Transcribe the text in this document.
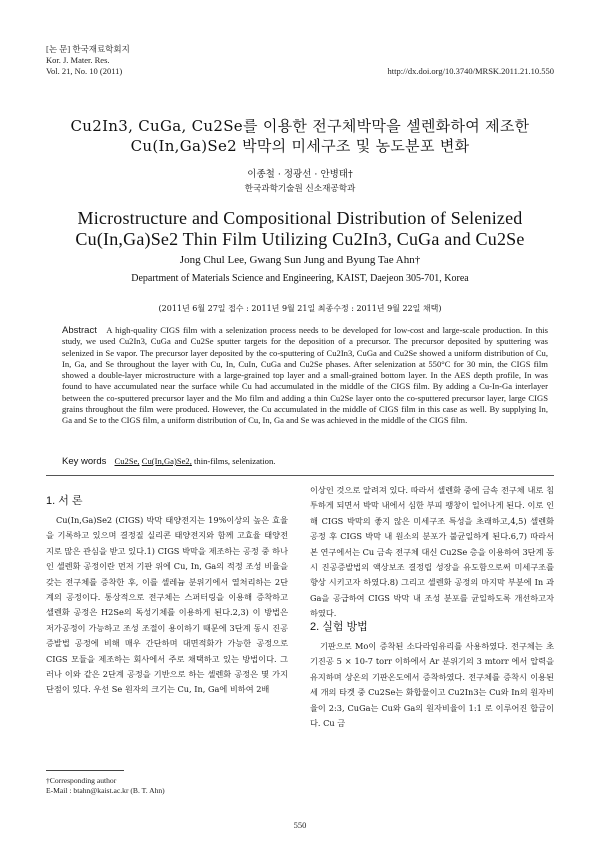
[논 문] 한국재료학회지
Kor. J. Mater. Res.
Vol. 21, No. 10 (2011)	http://dx.doi.org/10.3740/MRSK.2011.21.10.550
Cu2In3, CuGa, Cu2Se를 이용한 전구체박막을 셀렌화하여 제조한
Cu(In,Ga)Se2 박막의 미세구조 및 농도분포 변화
이종철 · 정광선 · 안병태†
한국과학기술원 신소재공학과
Microstructure and Compositional Distribution of Selenized
Cu(In,Ga)Se2 Thin Film Utilizing Cu2In3, CuGa and Cu2Se
Jong Chul Lee, Gwang Sun Jung and Byung Tae Ahn†
Department of Materials Science and Engineering, KAIST, Daejeon 305-701, Korea
(2011년 6월 27일 접수 : 2011년 9월 21일 최종수정 : 2011년 9월 22일 채택)
Abstract A high-quality CIGS film with a selenization process needs to be developed for low-cost and large-scale production. In this study, we used Cu2In3, CuGa and Cu2Se sputter targets for the deposition of a precursor. The precursor deposited by sputtering was selenized in Se vapor. The precursor layer deposited by the co-sputtering of Cu2In3, CuGa and Cu2Se showed a uniform distribution of Cu, In, Ga, and Se throughout the layer with Cu, In, CuIn, CuGa and Cu2Se phases. After selenization at 550°C for 30 min, the CIGS film showed a double-layer microstructure with a large-grained top layer and a small-grained bottom layer. In the AES depth profile, In was found to have accumulated near the surface while Cu had accumulated in the middle of the CIGS film. By adding a Cu-In-Ga interlayer between the co-sputtered precursor layer and the Mo film and adding a thin Cu2Se layer onto the co-sputtered precursor layer, large CIGS grains throughout the film were produced. However, the Cu accumulated in the middle of CIGS film in this case as well. By supplying In, Ga and Se to the CIGS film, a uniform distribution of Cu, In, Ga and Se was achieved in the middle of the CIGS film.
Key words Cu2Se, Cu(In,Ga)Se2, thin-films, selenization.
1. 서 론

Cu(In,Ga)Se2 (CIGS) 박막 태양전지는 19%이상의 높은 효율을 기록하고 있으며 결정질 실리콘 태양전지와 함께 고효율 태양전지로 많은 관심을 받고 있다.1) CIGS 박막을 제조하는 공정 중 하나인 셀렌화 공정이란 먼저 기판 위에 Cu, In, Ga의 적정 조성 비율을 갖는 전구체를 증착한 후, 이를 셀레늄 분위기에서 열처리하는 2단계의 공정이다. 통상적으로 전구체는 스퍼터링을 이용해 증착하고 셀렌화 공정은 H2Se의 독성기체를 이용하게 된다.2,3) 이 방법은 저가공정이 가능하고 조성 조절이 용이하기 때문에 3단계 동시 진공증발법 공정에 비해 매우 간단하며 대면적화가 가능한 공정으로 CIGS 모듈을 제조하는 회사에서 주로 채택하고 있는 방법이다. 그러나 이와 같은 2단계 공정을 기반으로 하는 셀렌화 공정은 몇 가지 단점이 있다. 우선 Se 원자의 크기는 Cu, In, Ga에 비하여 2배

†Corresponding author
E-Mail : btahn@kaist.ac.kr (B. T. Ahn)

이상인 것으로 알려져 있다. 따라서 셀렌화 중에 금속 전구체 내로 침투하게 되면서 박막 내에서 심한 부피 팽창이 일어나게 된다. 이로 인해 CIGS 박막의 좋지 않은 미세구조 특성을 초래하고,4,5) 셀렌화 공정 후 CIGS 박막 내 원소의 분포가 불균일하게 된다.6,7) 따라서 본 연구에서는 Cu 금속 전구체 대신 Cu2Se 층을 이용하여 3단계 동시 진공증발법의 액상보조 결정립 성장을 유도함으로써 미세구조를 향상 시키고자 하였다.8) 그리고 셀렌화 공정의 마지막 부분에 In 과 Ga을 공급하여 CIGS 박막 내 조성 분포를 균일하도록 개선하고자 하였다.

2. 실험 방법

기판으로 Mo이 증착된 소다라임유리를 사용하였다. 전구체는 초기진공 5 × 10-7 torr 이하에서 Ar 분위기의 3 mtorr 에서 압력을 유지하며 상온의 기판온도에서 증착하였다. 전구체를 증착시 이용된 세 개의 타겟 중 Cu2Se는 화합물이고 Cu2In3는 Cu와 In의 원자비율이 2:3, CuGa는 Cu와 Ga의 원자비율이 1:1 로 이루어진 합금이다. Cu 금

550
